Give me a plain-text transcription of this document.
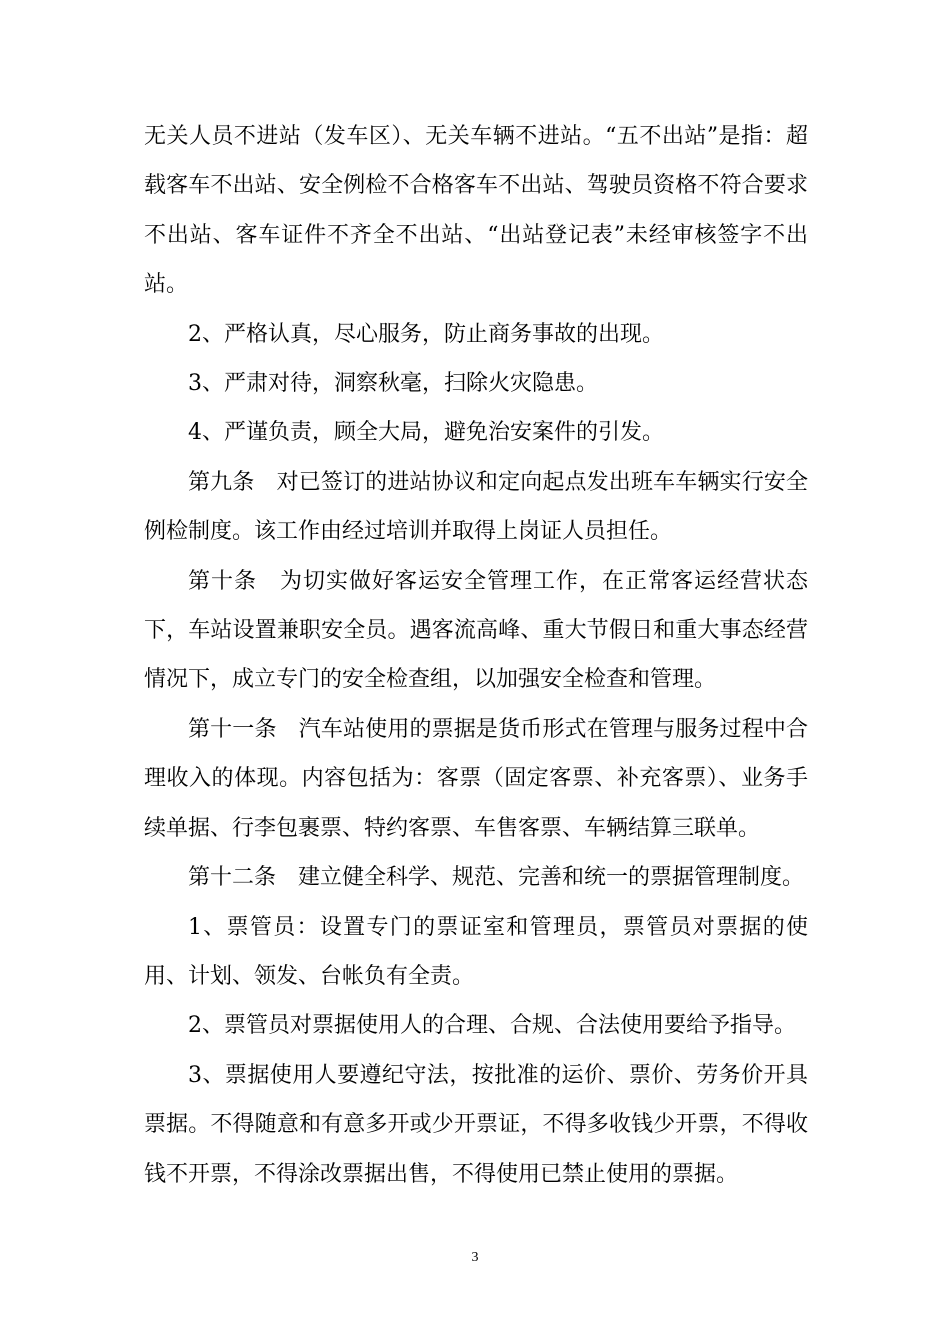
无关人员不进站（发车区）、无关车辆不进站。“五不出站”是指：超载客车不出站、安全例检不合格客车不出站、驾驶员资格不符合要求不出站、客车证件不齐全不出站、“出站登记表”未经审核签字不出站。

2、严格认真，尽心服务，防止商务事故的出现。

3、严肃对待，洞察秋毫，扫除火灾隐患。

4、严谨负责，顾全大局，避免治安案件的引发。

第九条　对已签订的进站协议和定向起点发出班车车辆实行安全例检制度。该工作由经过培训并取得上岗证人员担任。

第十条　为切实做好客运安全管理工作，在正常客运经营状态下，车站设置兼职安全员。遇客流高峰、重大节假日和重大事态经营情况下，成立专门的安全检查组，以加强安全检查和管理。

第十一条　汽车站使用的票据是货币形式在管理与服务过程中合理收入的体现。内容包括为：客票（固定客票、补充客票）、业务手续单据、行李包裹票、特约客票、车售客票、车辆结算三联单。

第十二条　建立健全科学、规范、完善和统一的票据管理制度。

1、票管员：设置专门的票证室和管理员，票管员对票据的使用、计划、领发、台帐负有全责。

2、票管员对票据使用人的合理、合规、合法使用要给予指导。

3、票据使用人要遵纪守法，按批准的运价、票价、劳务价开具票据。不得随意和有意多开或少开票证，不得多收钱少开票，不得收钱不开票，不得涂改票据出售，不得使用已禁止使用的票据。

3
